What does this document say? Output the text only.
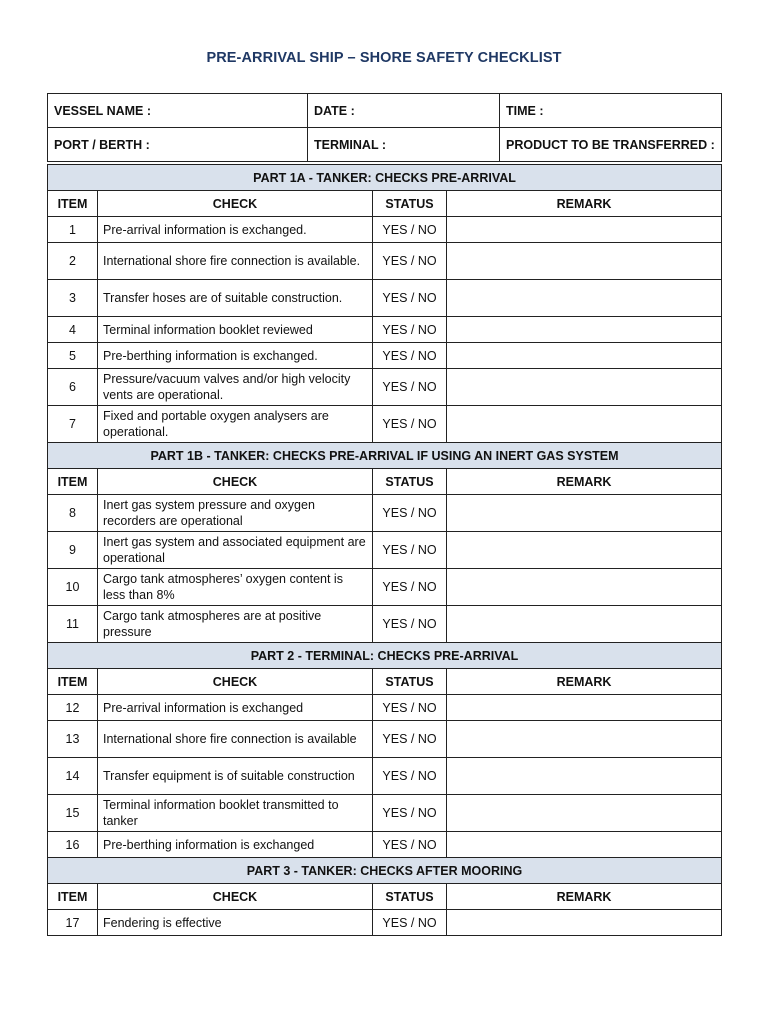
PRE-ARRIVAL SHIP – SHORE SAFETY CHECKLIST
VESSEL NAME :	DATE :	TIME :
PORT / BERTH :	TERMINAL :	PRODUCT TO BE TRANSFERRED :
PART 1A - TANKER: CHECKS PRE-ARRIVAL			
ITEM	CHECK	STATUS	REMARK
1	Pre-arrival information is exchanged.	YES / NO	
2	International shore fire connection is available.	YES / NO	
3	Transfer hoses are of suitable construction.	YES / NO	
4	Terminal information booklet reviewed	YES / NO	
5	Pre-berthing information is exchanged.	YES / NO	
6	Pressure/vacuum valves and/or high velocity vents are operational.	YES / NO	
7	Fixed and portable oxygen analysers are operational.	YES / NO	
PART 1B - TANKER: CHECKS PRE-ARRIVAL IF USING AN INERT GAS SYSTEM			
ITEM	CHECK	STATUS	REMARK
8	Inert gas system pressure and oxygen recorders are operational	YES / NO	
9	Inert gas system and associated equipment are operational	YES / NO	
10	Cargo tank atmospheres’ oxygen content is less than 8%	YES / NO	
11	Cargo tank atmospheres are at positive pressure	YES / NO	
PART 2 - TERMINAL: CHECKS PRE-ARRIVAL			
ITEM	CHECK	STATUS	REMARK
12	Pre-arrival information is exchanged	YES / NO	
13	International shore fire connection is available	YES / NO	
14	Transfer equipment is of suitable construction	YES / NO	
15	Terminal information booklet transmitted to tanker	YES / NO	
16	Pre-berthing information is exchanged	YES / NO	
PART 3 - TANKER: CHECKS AFTER MOORING			
ITEM	CHECK	STATUS	REMARK
17	Fendering is effective	YES / NO	
